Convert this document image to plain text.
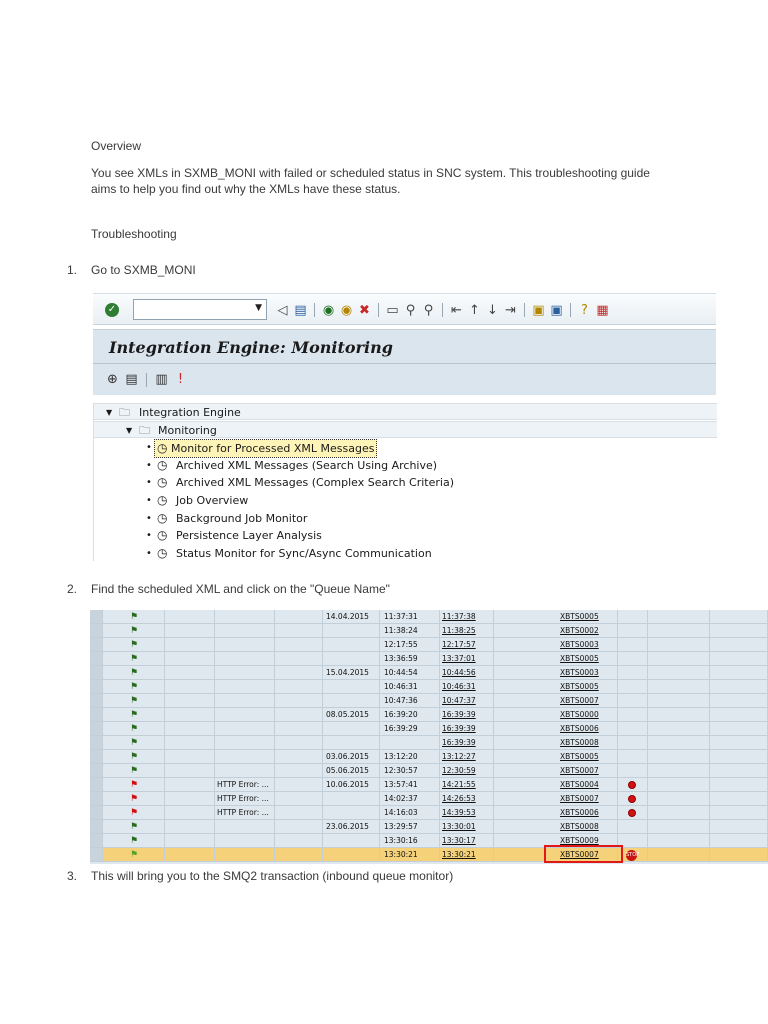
Overview
You see XMLs in SXMB_MONI with failed or scheduled status in SNC system. This troubleshooting guide
aims to help you find out why the XMLs have these status.
Troubleshooting
1. Go to SXMB_MONI
✓	▼ ◁ ▤ ◉ ◉ ✖ ▭ ⚲ ⚲ ⇤ ↑ ↓ ⇥ ▣ ▣	? ▦
Integration Engine: Monitoring
⊕ ▤ ▥ !
▼ 🗀 Integration Engine
▼ 🗀 Monitoring
• ◷ Monitor for Processed XML Messages
• ◷ Archived XML Messages (Search Using Archive)
• ◷ Archived XML Messages (Complex Search Criteria)
• ◷ Job Overview
• ◷ Background Job Monitor
• ◷ Persistence Layer Analysis
• ◷ Status Monitor for Sync/Async Communication
2. Find the scheduled XML and click on the "Queue Name"
14.04.2015	11:37:31	11:37:38	XBTS0005
⚑
11:38:24	11:38:25	XBTS0002
⚑
12:17:55	12:17:57	XBTS0003
⚑
13:36:59	13:37:01	XBTS0005
⚑
15.04.2015	10:44:54	10:44:56	XBTS0003
⚑
10:46:31	10:46:31	XBTS0005
⚑
10:47:36	10:47:37	XBTS0007
⚑
08.05.2015	16:39:20	16:39:39	XBTS0000
⚑
16:39:29	16:39:39	XBTS0006
⚑
16:39:39	XBTS0008
⚑
03.06.2015	13:12:20	13:12:27	XBTS0005
⚑
05.06.2015	12:30:57	12:30:59	XBTS0007
⚑
HTTP Error: ...	10.06.2015	13:57:41	14:21:55	XBTS0004
⚑
HTTP Error: ...	14:02:37	14:26:53	XBTS0007
⚑
HTTP Error: ...	14:16:03	14:39:53	XBTS0006
⚑
23.06.2015	13:29:57	13:30:01	XBTS0008
⚑
13:30:16	13:30:17	XBTS0009
⚑
13:30:21	13:30:21	XBTS0007
⚑	STOP
3. This will bring you to the SMQ2 transaction (inbound queue monitor)
